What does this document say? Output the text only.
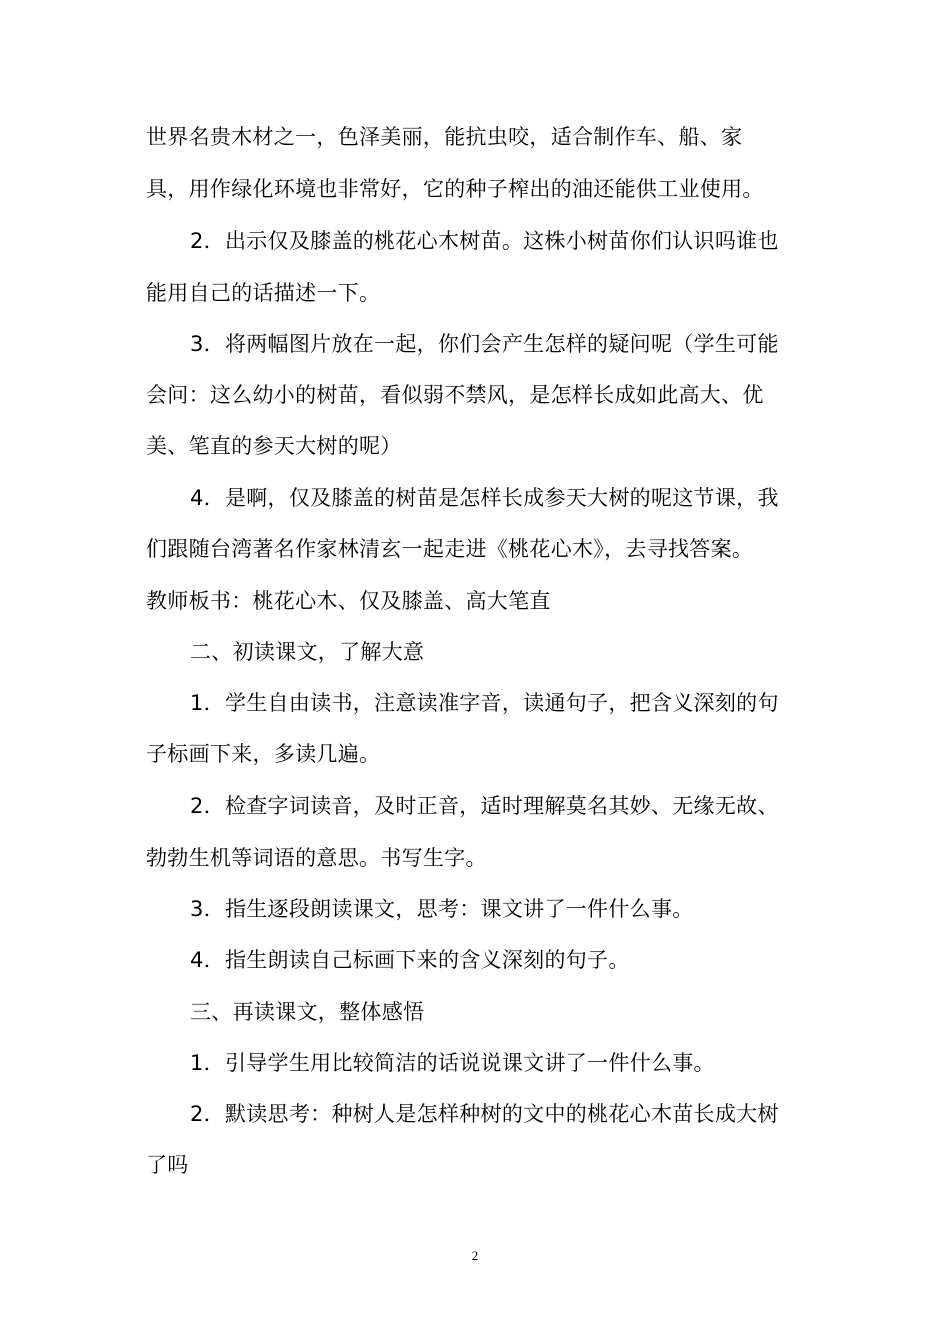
世界名贵木材之一，色泽美丽，能抗虫咬，适合制作车、船、家
具，用作绿化环境也非常好，它的种子榨出的油还能供工业使用。
2．出示仅及膝盖的桃花心木树苗。这株小树苗你们认识吗谁也
能用自己的话描述一下。
3．将两幅图片放在一起，你们会产生怎样的疑问呢（学生可能
会问：这么幼小的树苗，看似弱不禁风，是怎样长成如此高大、优
美、笔直的参天大树的呢）
4．是啊，仅及膝盖的树苗是怎样长成参天大树的呢这节课，我
们跟随台湾著名作家林清玄一起走进《桃花心木》，去寻找答案。
教师板书：桃花心木、仅及膝盖、高大笔直
二、初读课文，了解大意
1．学生自由读书，注意读准字音，读通句子，把含义深刻的句
子标画下来，多读几遍。
2．检查字词读音，及时正音，适时理解莫名其妙、无缘无故、
勃勃生机等词语的意思。书写生字。
3．指生逐段朗读课文，思考：课文讲了一件什么事。
4．指生朗读自己标画下来的含义深刻的句子。
三、再读课文，整体感悟
1．引导学生用比较简洁的话说说课文讲了一件什么事。
2．默读思考：种树人是怎样种树的文中的桃花心木苗长成大树
了吗
2
